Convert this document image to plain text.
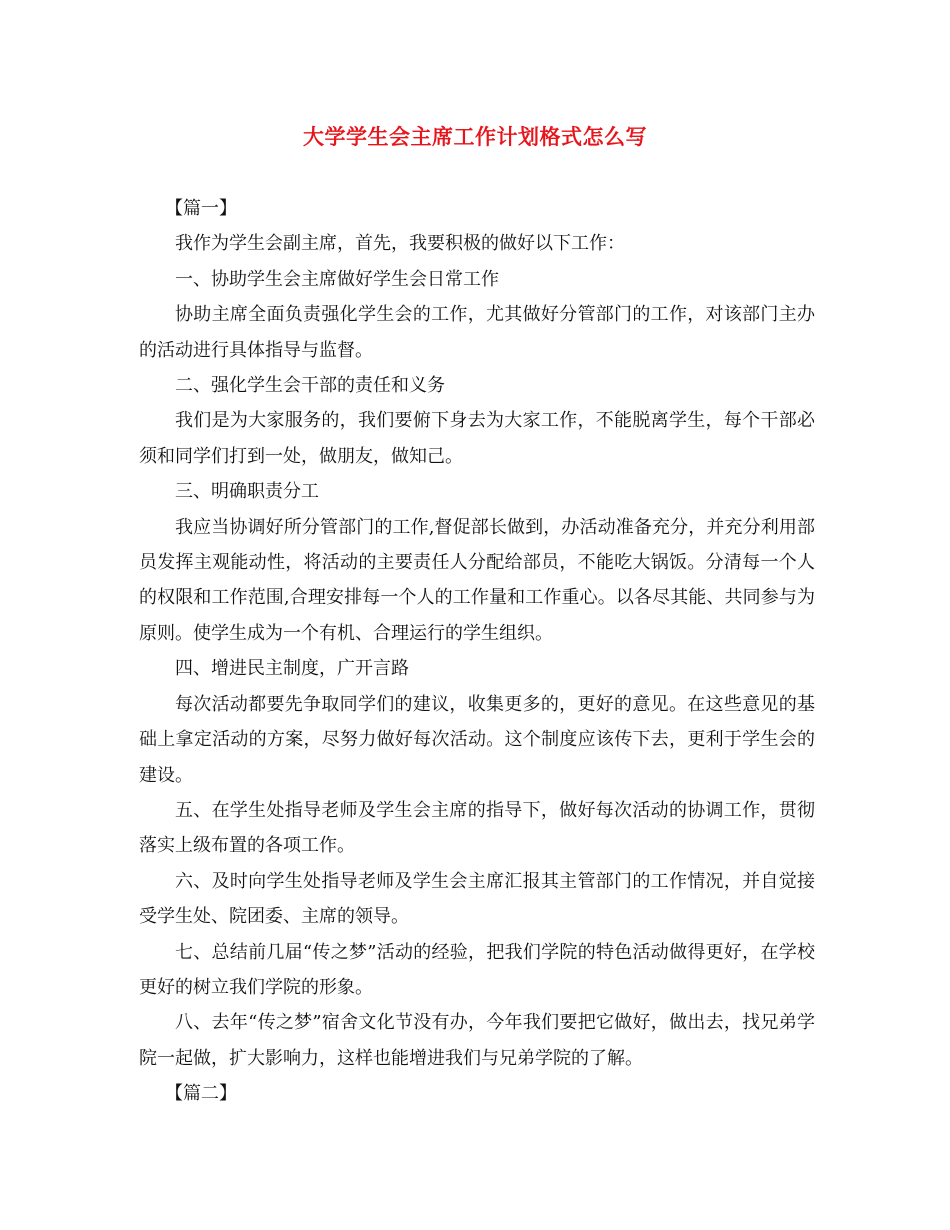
大学学生会主席工作计划格式怎么写

【篇一】

我作为学生会副主席，首先，我要积极的做好以下工作：

一、协助学生会主席做好学生会日常工作

协助主席全面负责强化学生会的工作，尤其做好分管部门的工作，对该部门主办的活动进行具体指导与监督。

二、强化学生会干部的责任和义务

我们是为大家服务的，我们要俯下身去为大家工作，不能脱离学生，每个干部必须和同学们打到一处，做朋友，做知己。

三、明确职责分工

我应当协调好所分管部门的工作,督促部长做到，办活动准备充分，并充分利用部员发挥主观能动性，将活动的主要责任人分配给部员，不能吃大锅饭。分清每一个人的权限和工作范围,合理安排每一个人的工作量和工作重心。以各尽其能、共同参与为原则。使学生成为一个有机、合理运行的学生组织。

四、增进民主制度，广开言路

每次活动都要先争取同学们的建议，收集更多的，更好的意见。在这些意见的基础上拿定活动的方案，尽努力做好每次活动。这个制度应该传下去，更利于学生会的建设。

五、在学生处指导老师及学生会主席的指导下，做好每次活动的协调工作，贯彻落实上级布置的各项工作。

六、及时向学生处指导老师及学生会主席汇报其主管部门的工作情况，并自觉接受学生处、院团委、主席的领导。

七、总结前几届“传之梦”活动的经验，把我们学院的特色活动做得更好，在学校更好的树立我们学院的形象。

八、去年“传之梦”宿舍文化节没有办，今年我们要把它做好，做出去，找兄弟学院一起做，扩大影响力，这样也能增进我们与兄弟学院的了解。

【篇二】
